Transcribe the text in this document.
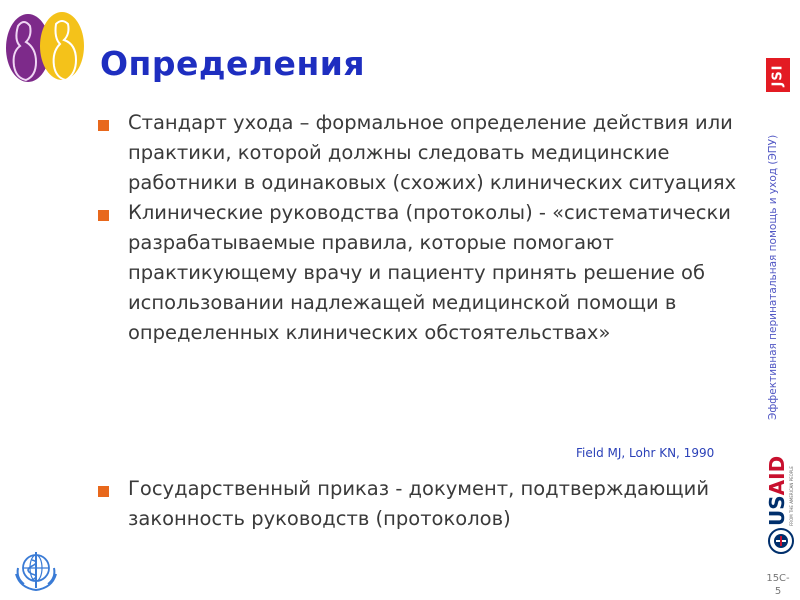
Определения	JSI
Эффективная перинатальная помощь и уход (ЭПУ)

Стандарт ухода – формальное определение действия или практики, которой должны следовать медицинские работники в одинаковых (схожих) клинических ситуациях

Клинические руководства (протоколы) - «систематически разрабатываемые правила, которые помогают практикующему врачу и пациенту принять решение об использовании надлежащей медицинской помощи в определенных клинических обстоятельствах»

Field MJ, Lohr KN, 1990

Государственный приказ - документ, подтверждающий законность руководств (протоколов)	USAID FROM THE AMERICAN PEOPLE
15C-
5
